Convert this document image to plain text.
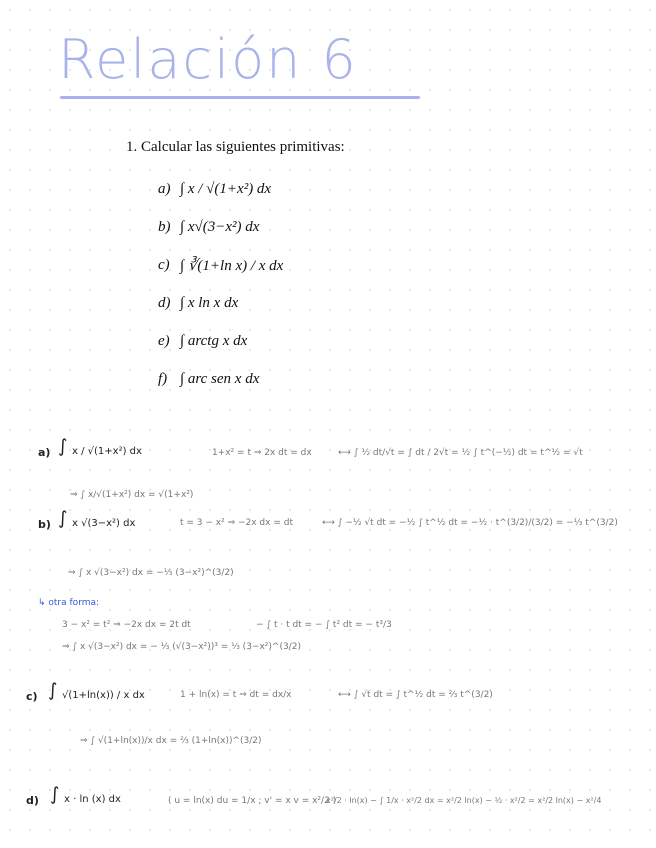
Relación 6
1. Calcular las siguientes primitivas:
a) ∫ x / √(1+x²) dx
b) ∫ x√(3−x²) dx
c) ∫ ∛(1+ln x) / x dx
d) ∫ x ln x dx
e) ∫ arctg x dx
f) ∫ arc sen x dx
a) ∫ x / √(1+x²) dx	1+x² = t ⇒ 2x dt = dx	⟷ ∫ ½ dt/√t = ∫ dt / 2√t = ½ ∫ t^(−½) dt = t^½ = √t
⇒ ∫ x/√(1+x²) dx = √(1+x²)
b) ∫ x √(3−x²) dx	t = 3 − x² ⇒ −2x dx = dt	⟷ ∫ −½ √t dt = −½ ∫ t^½ dt = −½ · t^(3/2)/(3/2) = −⅓ t^(3/2)
⇒ ∫ x √(3−x²) dx = −⅓ (3−x²)^(3/2)
↳ otra forma:
3 − x² = t² ⇒ −2x dx = 2t dt	− ∫ t · t dt = − ∫ t² dt = − t³/3
⇒ ∫ x √(3−x²) dx = − ⅓ (√(3−x²))³ = ⅓ (3−x²)^(3/2)
c) ∫ √(1+ln(x)) / x dx	1 + ln(x) = t ⇒ dt = dx/x	⟷ ∫ √t dt = ∫ t^½ dt = ⅔ t^(3/2)
⇒ ∫ √(1+ln(x))/x dx = ⅔ (1+ln(x))^(3/2)
d) ∫ x · ln (x) dx	( u = ln(x) du = 1/x ; v' = x v = x²/2 )
x²/2 · ln(x) − ∫ 1/x · x²/2 dx = x²/2 ln(x) − ½ · x²/2 = x²/2 ln(x) − x²/4
